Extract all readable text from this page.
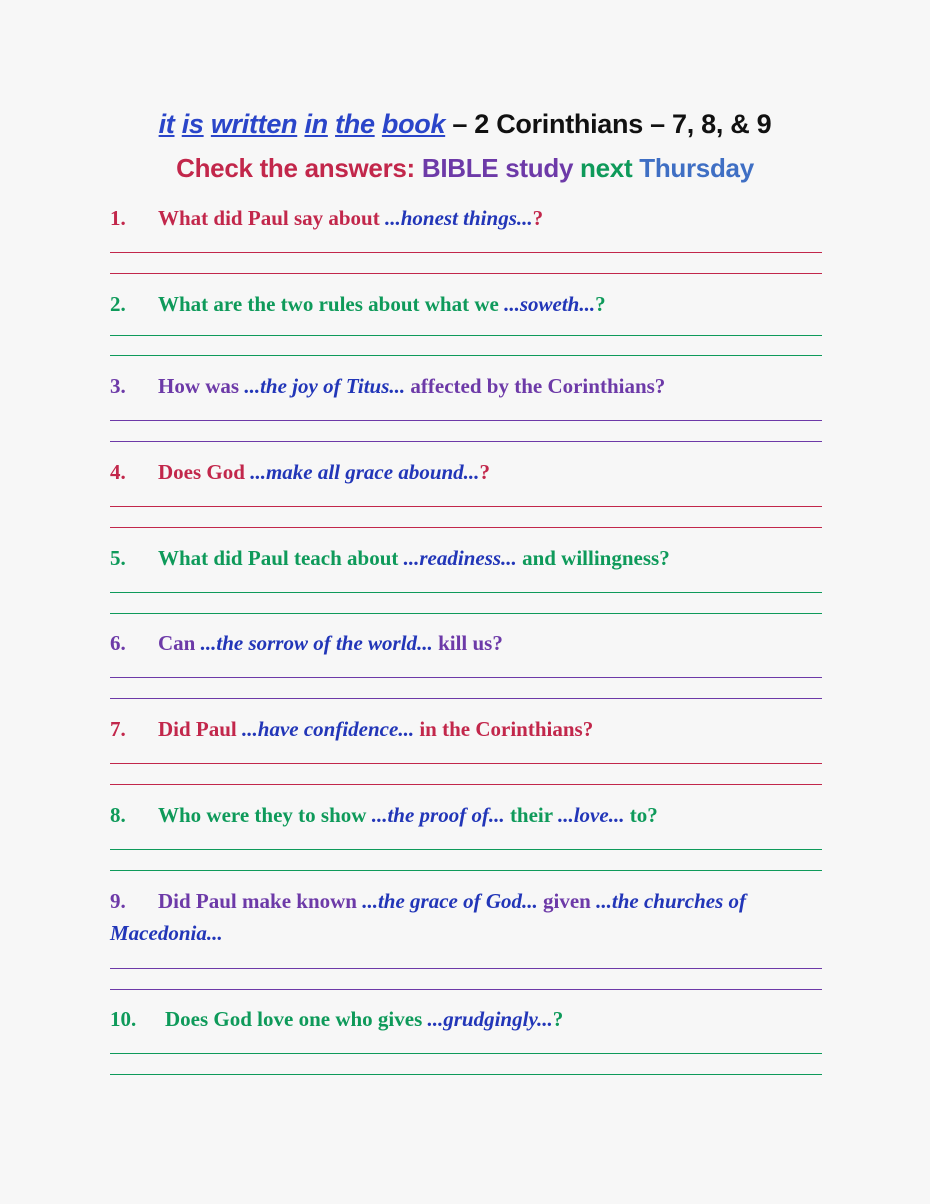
it is written in the book – 2 Corinthians – 7, 8, & 9
Check the answers: BIBLE study next Thursday
1. What did Paul say about ...honest things...?
2. What are the two rules about what we ...soweth...?
3. How was ...the joy of Titus... affected by the Corinthians?
4. Does God ...make all grace abound...?
5. What did Paul teach about ...readiness... and willingness?
6. Can ...the sorrow of the world... kill us?
7. Did Paul ...have confidence... in the Corinthians?
8. Who were they to show ...the proof of... their ...love... to?
9. Did Paul make known ...the grace of God... given ...the churches of Macedonia...
10. Does God love one who gives ...grudgingly...?
